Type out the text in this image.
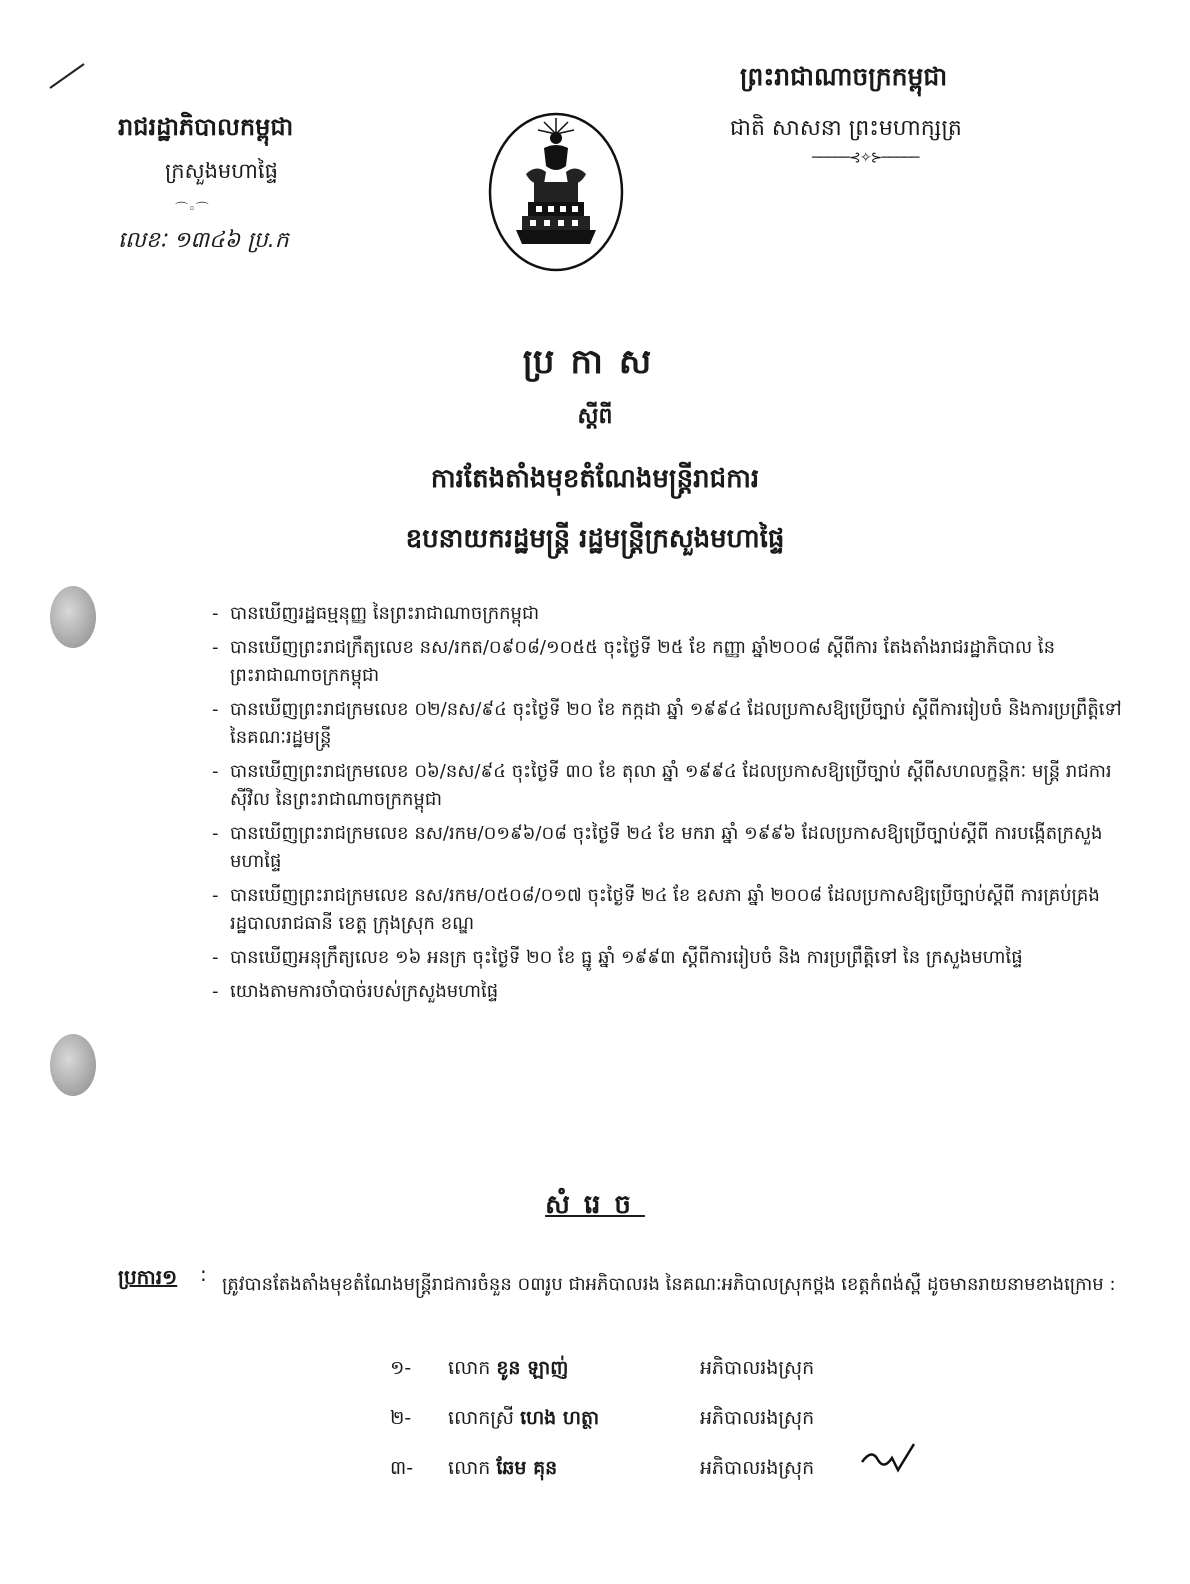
ព្រះរាជាណាចក្រកម្ពុជា
ជាតិ សាសនា ព្រះមហាក្សត្រ
─────⊰✧⊱─────
រាជរដ្ឋាភិបាលកម្ពុជា
ក្រសួងមហាផ្ទៃ
⌒◦⌒
លេខៈ ១៣៤៦ ប្រ.ក
ប្រកាស
ស្តីពី
ការតែងតាំងមុខតំណែងមន្ត្រីរាជការ
ឧបនាយករដ្ឋមន្ត្រី រដ្ឋមន្ត្រីក្រសួងមហាផ្ទៃ
- បានឃើញរដ្ឋធម្មនុញ្ញ នៃព្រះរាជាណាចក្រកម្ពុជា
- បានឃើញព្រះរាជក្រឹត្យលេខ នស/រកត/០៩០៨/១០៥៥ ចុះថ្ងៃទី ២៥ ខែ កញ្ញា ឆ្នាំ២០០៨ ស្តីពីការ តែងតាំងរាជរដ្ឋាភិបាល នៃព្រះរាជាណាចក្រកម្ពុជា
- បានឃើញព្រះរាជក្រមលេខ ០២/នស/៩៤ ចុះថ្ងៃទី ២០ ខែ កក្កដា ឆ្នាំ ១៩៩៤ ដែលប្រកាសឱ្យប្រើច្បាប់ ស្តីពីការរៀបចំ និងការប្រព្រឹត្តិទៅ នៃគណៈរដ្ឋមន្ត្រី
- បានឃើញព្រះរាជក្រមលេខ ០៦/នស/៩៤ ចុះថ្ងៃទី ៣០ ខែ តុលា ឆ្នាំ ១៩៩៤ ដែលប្រកាសឱ្យប្រើច្បាប់ ស្តីពីសហលក្ខន្តិកៈ មន្ត្រី រាជការស៊ីវិល នៃព្រះរាជាណាចក្រកម្ពុជា
- បានឃើញព្រះរាជក្រមលេខ នស/រកម/០១៩៦/០៨ ចុះថ្ងៃទី ២៤ ខែ មករា ឆ្នាំ ១៩៩៦ ដែលប្រកាសឱ្យប្រើច្បាប់ស្តីពី ការបង្កើតក្រសួងមហាផ្ទៃ
- បានឃើញព្រះរាជក្រមលេខ នស/រកម/០៥០៨/០១៧ ចុះថ្ងៃទី ២៤ ខែ ឧសភា ឆ្នាំ ២០០៨ ដែលប្រកាសឱ្យប្រើច្បាប់ស្តីពី ការគ្រប់គ្រងរដ្ឋបាលរាជធានី ខេត្ត ក្រុងស្រុក ខណ្ឌ
- បានឃើញអនុក្រឹត្យលេខ ១៦ អនក្រ ចុះថ្ងៃទី ២០ ខែ ធ្នូ ឆ្នាំ ១៩៩៣ ស្តីពីការរៀបចំ និង ការប្រព្រឹត្តិទៅ នៃ ក្រសួងមហាផ្ទៃ
- យោងតាមការចាំបាច់របស់ក្រសួងមហាផ្ទៃ
សំរេច
ប្រការ១ : ត្រូវបានតែងតាំងមុខតំណែងមន្ត្រីរាជការចំនួន ០៣រូប ជាអភិបាលរង នៃគណៈអភិបាលស្រុកថ្ពង ខេត្តកំពង់ស្ពឺ ដូចមានរាយនាមខាងក្រោម :
១- លោក ខូន ឡាញ់	អភិបាលរងស្រុក
២- លោកស្រី ហេង ហត្ថា	អភិបាលរងស្រុក
៣- លោក ឆែម គុន	អភិបាលរងស្រុក
